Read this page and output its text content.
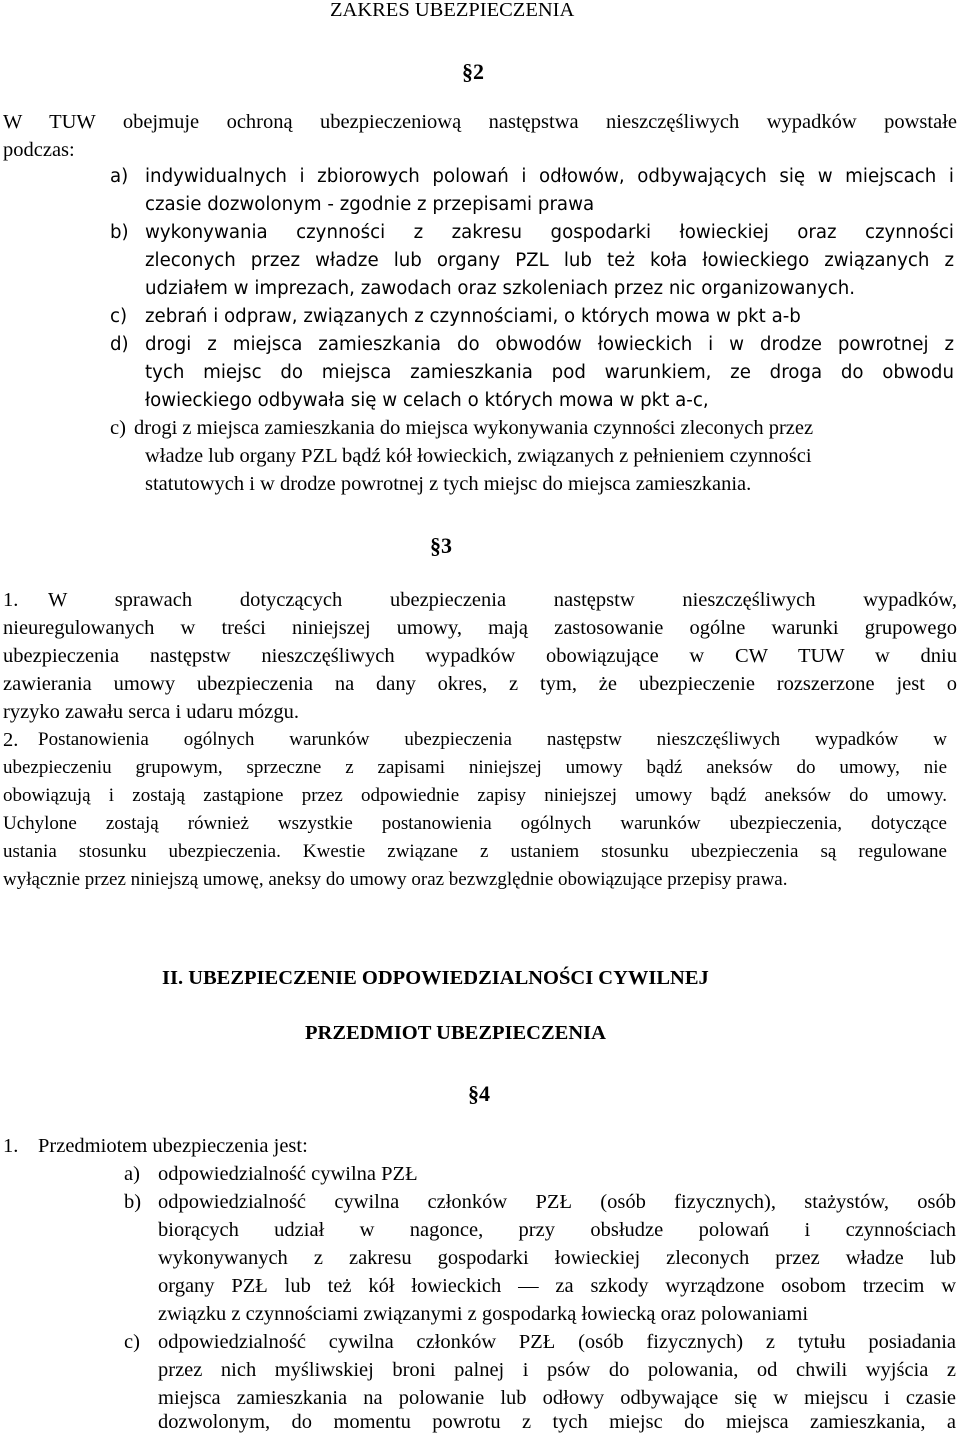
ZAKRES UBEZPIECZENIA
§2
W TUW obejmuje ochroną ubezpieczeniową następstwa nieszczęśliwych wypadków powstałe
podczas:
a) indywidualnych i zbiorowych polowań i odłowów, odbywających się w miejscach i
czasie dozwolonym - zgodnie z przepisami prawa
b) wykonywania czynności z zakresu gospodarki łowieckiej oraz czynności
zleconych przez władze lub organy PZL lub też koła łowieckiego związanych z
udziałem w imprezach, zawodach oraz szkoleniach przez nic organizowanych.
c) zebrań i odpraw, związanych z czynnościami, o których mowa w pkt a-b
d) drogi z miejsca zamieszkania do obwodów łowieckich i w drodze powrotnej z
tych miejsc do miejsca zamieszkania pod warunkiem, ze droga do obwodu
łowieckiego odbywała się w celach o których mowa w pkt a-c,
c) drogi z miejsca zamieszkania do miejsca wykonywania czynności zleconych przez
władze lub organy PZL bądź kół łowieckich, związanych z pełnieniem czynności
statutowych i w drodze powrotnej z tych miejsc do miejsca zamieszkania.
§3
1. W sprawach dotyczących ubezpieczenia następstw nieszczęśliwych wypadków,
nieuregulowanych w treści niniejszej umowy, mają zastosowanie ogólne warunki grupowego
ubezpieczenia następstw nieszczęśliwych wypadków obowiązujące w CW TUW w dniu
zawierania umowy ubezpieczenia na dany okres, z tym, że ubezpieczenie rozszerzone jest o
ryzyko zawału serca i udaru mózgu.
2. Postanowienia ogólnych warunków ubezpieczenia następstw nieszczęśliwych wypadków w
ubezpieczeniu grupowym, sprzeczne z zapisami niniejszej umowy bądź aneksów do umowy, nie
obowiązują i zostają zastąpione przez odpowiednie zapisy niniejszej umowy bądź aneksów do umowy.
Uchylone zostają również wszystkie postanowienia ogólnych warunków ubezpieczenia, dotyczące
ustania stosunku ubezpieczenia. Kwestie związane z ustaniem stosunku ubezpieczenia są regulowane
wyłącznie przez niniejszą umowę, aneksy do umowy oraz bezwzględnie obowiązujące przepisy prawa.
II. UBEZPIECZENIE ODPOWIEDZIALNOŚCI CYWILNEJ
PRZEDMIOT UBEZPIECZENIA
§4
1. Przedmiotem ubezpieczenia jest:
a) odpowiedzialność cywilna PZŁ
b) odpowiedzialność cywilna członków PZŁ (osób fizycznych), stażystów, osób
biorących udział w nagonce, przy obsłudze polowań i czynnościach
wykonywanych z zakresu gospodarki łowieckiej zleconych przez władze lub
organy PZŁ lub też kół łowieckich — za szkody wyrządzone osobom trzecim w
związku z czynnościami związanymi z gospodarką łowiecką oraz polowaniami
c) odpowiedzialność cywilna członków PZŁ (osób fizycznych) z tytułu posiadania
przez nich myśliwskiej broni palnej i psów do polowania, od chwili wyjścia z
miejsca zamieszkania na polowanie lub odłowy odbywające się w miejscu i czasie
dozwolonym, do momentu powrotu z tych miejsc do miejsca zamieszkania, a
